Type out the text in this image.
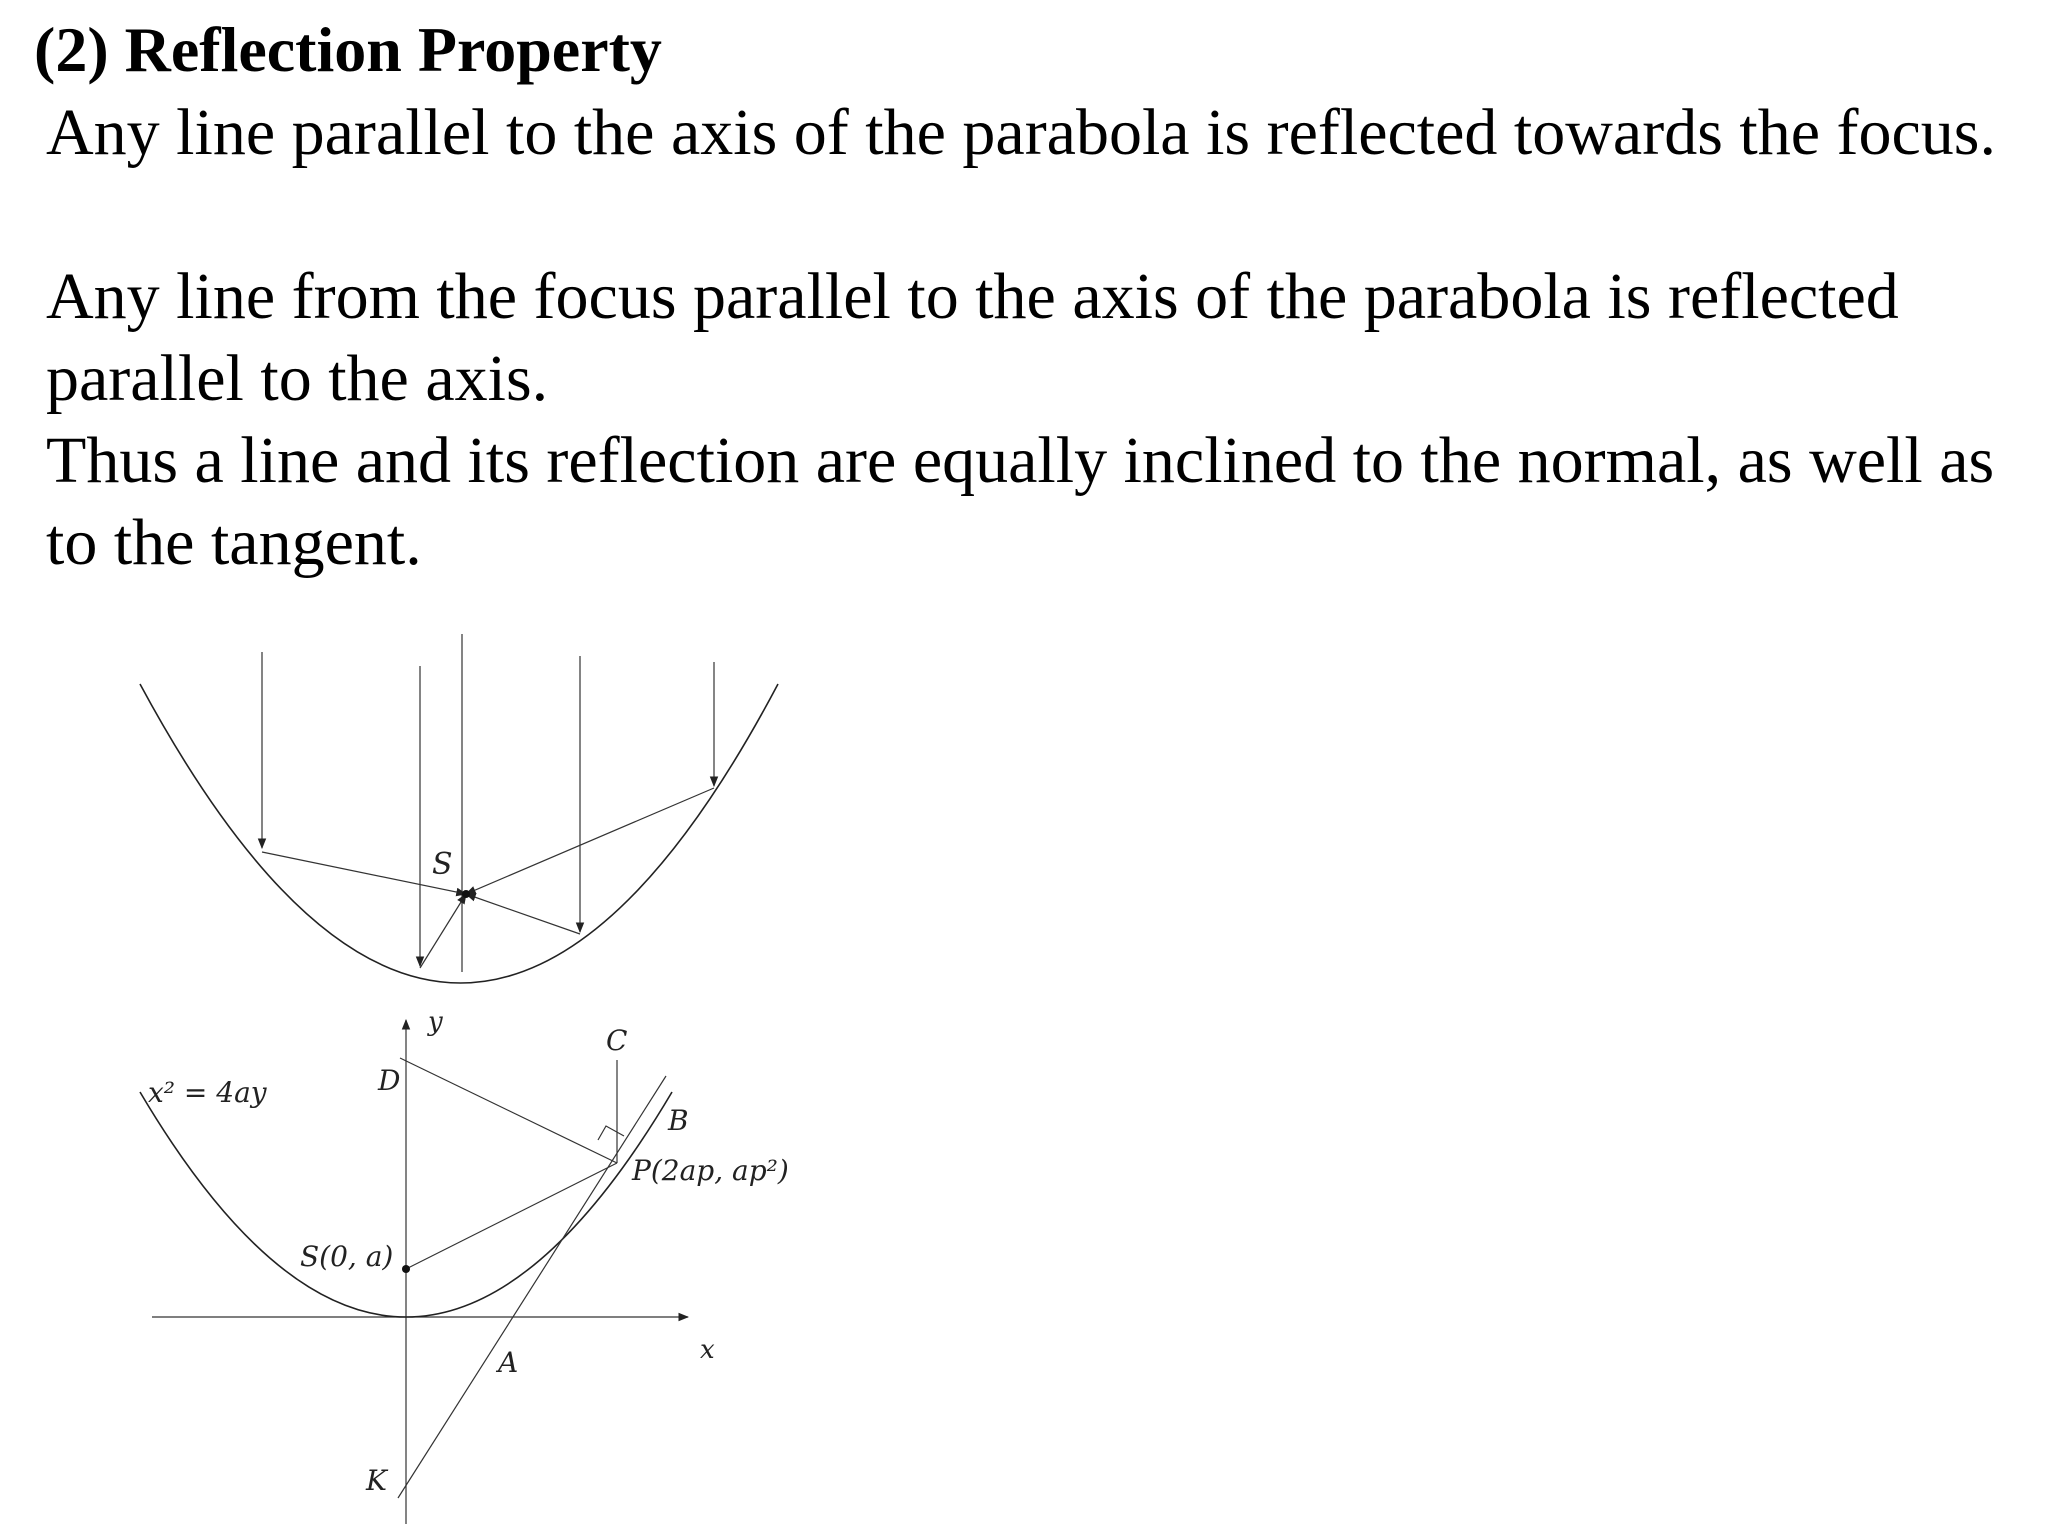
(2) Reflection Property

Any line parallel to the axis of the parabola is reflected towards the focus.

Any line from the focus parallel to the axis of the parabola is reflected parallel to the axis.

Thus a line and its reflection are equally inclined to the normal, as well as to the tangent.

S
y
x
x² = 4ay
C
D
B
P(2ap, ap²)
S(0, a)
A
K
